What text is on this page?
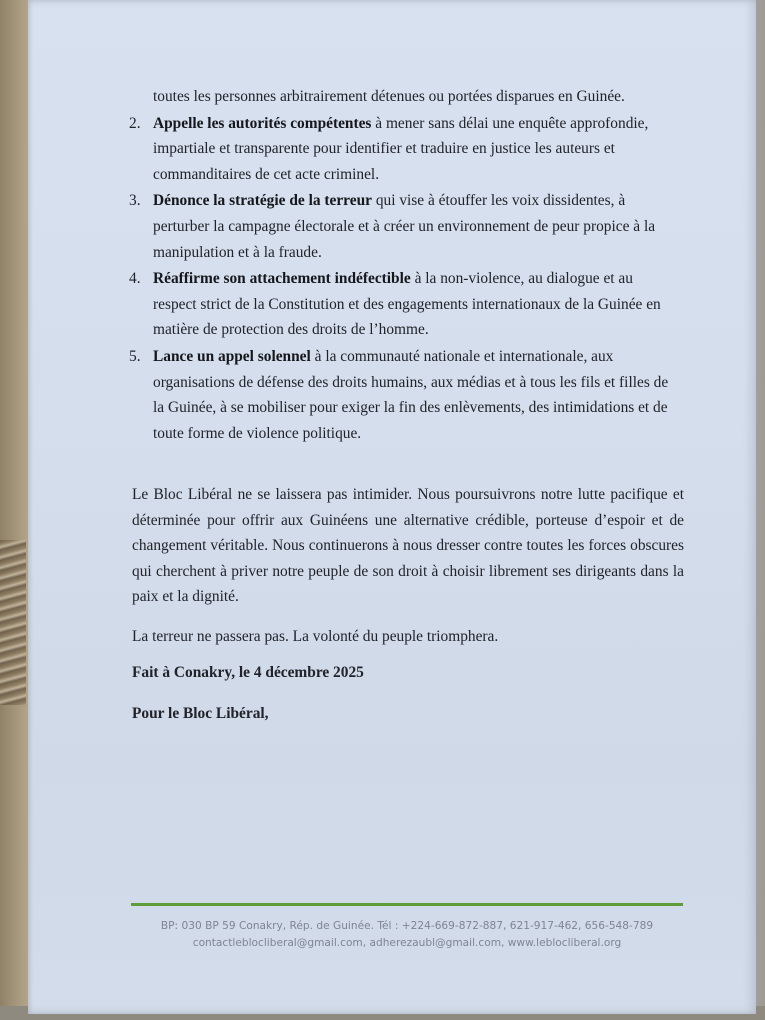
toutes les personnes arbitrairement détenues ou portées disparues en Guinée.
2. Appelle les autorités compétentes à mener sans délai une enquête approfondie, impartiale et transparente pour identifier et traduire en justice les auteurs et commanditaires de cet acte criminel.
3. Dénonce la stratégie de la terreur qui vise à étouffer les voix dissidentes, à perturber la campagne électorale et à créer un environnement de peur propice à la manipulation et à la fraude.
4. Réaffirme son attachement indéfectible à la non-violence, au dialogue et au respect strict de la Constitution et des engagements internationaux de la Guinée en matière de protection des droits de l’homme.
5. Lance un appel solennel à la communauté nationale et internationale, aux organisations de défense des droits humains, aux médias et à tous les fils et filles de la Guinée, à se mobiliser pour exiger la fin des enlèvements, des intimidations et de toute forme de violence politique.

Le Bloc Libéral ne se laissera pas intimider. Nous poursuivrons notre lutte pacifique et déterminée pour offrir aux Guinéens une alternative crédible, porteuse d’espoir et de changement véritable. Nous continuerons à nous dresser contre toutes les forces obscures qui cherchent à priver notre peuple de son droit à choisir librement ses dirigeants dans la paix et la dignité.

La terreur ne passera pas. La volonté du peuple triomphera.

Fait à Conakry, le 4 décembre 2025

Pour le Bloc Libéral,

BP: 030 BP 59 Conakry, Rép. de Guinée. Tél : +224-669-872-887, 621-917-462, 656-548-789
contactleblocliberal@gmail.com, adherezaubl@gmail.com, www.leblocliberal.org
